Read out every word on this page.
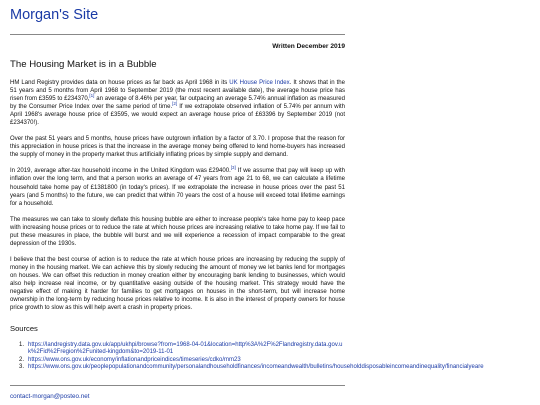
Morgan's Site
Written December 2019
The Housing Market is in a Bubble

HM Land Registry provides data on house prices as far back as April 1968 in its UK House Price Index. It shows that in the 51 years and 5 months from April 1968 to September 2019 (the most recent available date), the average house price has risen from £3595 to £234370,[1] an average of 8.46% per year, far outpacing an average 5.74% annual inflation as measured by the Consumer Price Index over the same period of time.[2] If we extrapolate observed inflation of 5.74% per annum with April 1968's average house price of £3595, we would expect an average house price of £63396 by September 2019 (not £234370!).

Over the past 51 years and 5 months, house prices have outgrown inflation by a factor of 3.70. I propose that the reason for this appreciation in house prices is that the increase in the average money being offered to lend home-buyers has increased the supply of money in the property market thus artificially inflating prices by simple supply and demand.

In 2019, average after-tax household income in the United Kingdom was £29400.[3] If we assume that pay will keep up with inflation over the long term, and that a person works an average of 47 years from age 21 to 68, we can calculate a lifetime household take home pay of £1381800 (in today's prices). If we extrapolate the increase in house prices over the past 51 years (and 5 months) to the future, we can predict that within 70 years the cost of a house will exceed total lifetime earnings for a household.

The measures we can take to slowly deflate this housing bubble are either to increase people's take home pay to keep pace with increasing house prices or to reduce the rate at which house prices are increasing relative to take home pay. If we fail to put these measures in place, the bubble will burst and we will experience a recession of impact comparable to the great depression of the 1930s.

I believe that the best course of action is to reduce the rate at which house prices are increasing by reducing the supply of money in the housing market. We can achieve this by slowly reducing the amount of money we let banks lend for mortgages on houses. We can offset this reduction in money creation either by encouraging bank lending to businesses, which would also help increase real income, or by quantitative easing outside of the housing market. This strategy would have the negative effect of making it harder for families to get mortgages on houses in the short-term, but will increase home ownership in the long-term by reducing house prices relative to income. It is also in the interest of property owners for house price growth to slow as this will help avert a crash in property prices.

Sources
1. https://landregistry.data.gov.uk/app/ukhpi/browse?from=1968-04-01&location=http%3A%2F%2Flandregistry.data.gov.uk%2Fid%2Fregion%2Funited-kingdom&to=2019-11-01
2. https://www.ons.gov.uk/economy/inflationandpriceindices/timeseries/cdko/mm23
3. https://www.ons.gov.uk/peoplepopulationandcommunity/personalandhouseholdfinances/incomeandwealth/bulletins/householddisposableincomeandinequality/financialyeare
contact-morgan@posteo.net
